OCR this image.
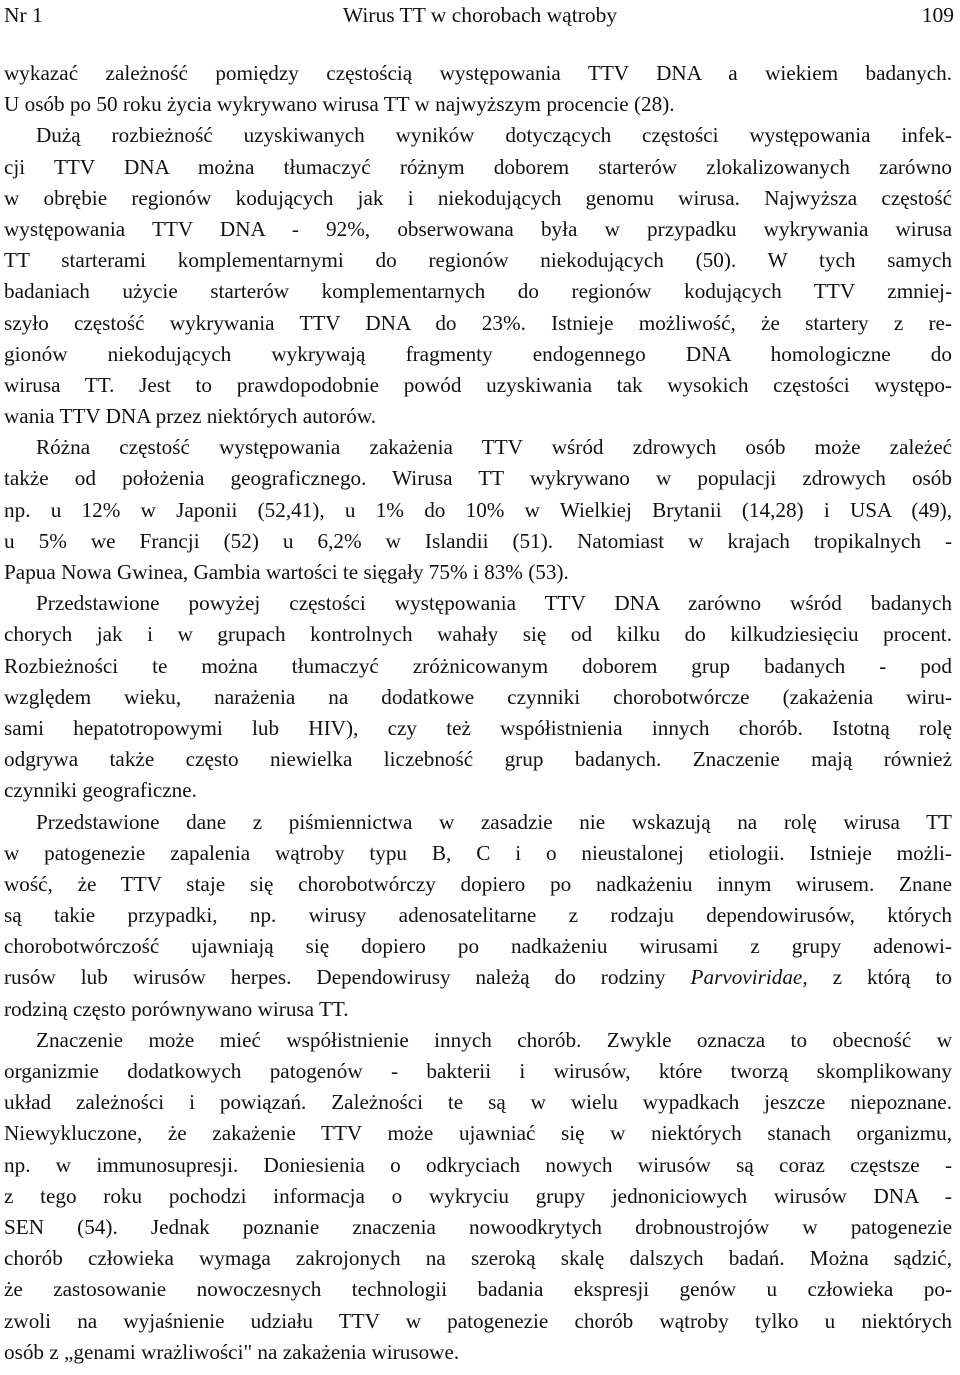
Nr 1	Wirus TT w chorobach wątroby	109
wykazać zależność pomiędzy częstością występowania TTV DNA a wiekiem badanych.
U osób po 50 roku życia wykrywano wirusa TT w najwyższym procencie (28).
Dużą rozbieżność uzyskiwanych wyników dotyczących częstości występowania infek-
cji TTV DNA można tłumaczyć różnym doborem starterów zlokalizowanych zarówno
w obrębie regionów kodujących jak i niekodujących genomu wirusa. Najwyższa częstość
występowania TTV DNA - 92%, obserwowana była w przypadku wykrywania wirusa
TT starterami komplementarnymi do regionów niekodujących (50). W tych samych
badaniach użycie starterów komplementarnych do regionów kodujących TTV zmniej-
szyło częstość wykrywania TTV DNA do 23%. Istnieje możliwość, że startery z re-
gionów niekodujących wykrywają fragmenty endogennego DNA homologiczne do
wirusa TT. Jest to prawdopodobnie powód uzyskiwania tak wysokich częstości występo-
wania TTV DNA przez niektórych autorów.
Różna częstość występowania zakażenia TTV wśród zdrowych osób może zależeć
także od położenia geograficznego. Wirusa TT wykrywano w populacji zdrowych osób
np. u 12% w Japonii (52,41), u 1% do 10% w Wielkiej Brytanii (14,28) i USA (49),
u 5% we Francji (52) u 6,2% w Islandii (51). Natomiast w krajach tropikalnych -
Papua Nowa Gwinea, Gambia wartości te sięgały 75% i 83% (53).
Przedstawione powyżej częstości występowania TTV DNA zarówno wśród badanych
chorych jak i w grupach kontrolnych wahały się od kilku do kilkudziesięciu procent.
Rozbieżności te można tłumaczyć zróżnicowanym doborem grup badanych - pod
względem wieku, narażenia na dodatkowe czynniki chorobotwórcze (zakażenia wiru-
sami hepatotropowymi lub HIV), czy też współistnienia innych chorób. Istotną rolę
odgrywa także często niewielka liczebność grup badanych. Znaczenie mają również
czynniki geograficzne.
Przedstawione dane z piśmiennictwa w zasadzie nie wskazują na rolę wirusa TT
w patogenezie zapalenia wątroby typu B, C i o nieustalonej etiologii. Istnieje możli-
wość, że TTV staje się chorobotwórczy dopiero po nadkażeniu innym wirusem. Znane
są takie przypadki, np. wirusy adenosatelitarne z rodzaju dependowirusów, których
chorobotwórczość ujawniają się dopiero po nadkażeniu wirusami z grupy adenowi-
rusów lub wirusów herpes. Dependowirusy należą do rodziny Parvoviridae, z którą to
rodziną często porównywano wirusa TT.
Znaczenie może mieć współistnienie innych chorób. Zwykle oznacza to obecność w
organizmie dodatkowych patogenów - bakterii i wirusów, które tworzą skomplikowany
układ zależności i powiązań. Zależności te są w wielu wypadkach jeszcze niepoznane.
Niewykluczone, że zakażenie TTV może ujawniać się w niektórych stanach organizmu,
np. w immunosupresji. Doniesienia o odkryciach nowych wirusów są coraz częstsze -
z tego roku pochodzi informacja o wykryciu grupy jednoniciowych wirusów DNA -
SEN (54). Jednak poznanie znaczenia nowoodkrytych drobnoustrojów w patogenezie
chorób człowieka wymaga zakrojonych na szeroką skalę dalszych badań. Można sądzić,
że zastosowanie nowoczesnych technologii badania ekspresji genów u człowieka po-
zwoli na wyjaśnienie udziału TTV w patogenezie chorób wątroby tylko u niektórych
osób z „genami wrażliwości" na zakażenia wirusowe.
